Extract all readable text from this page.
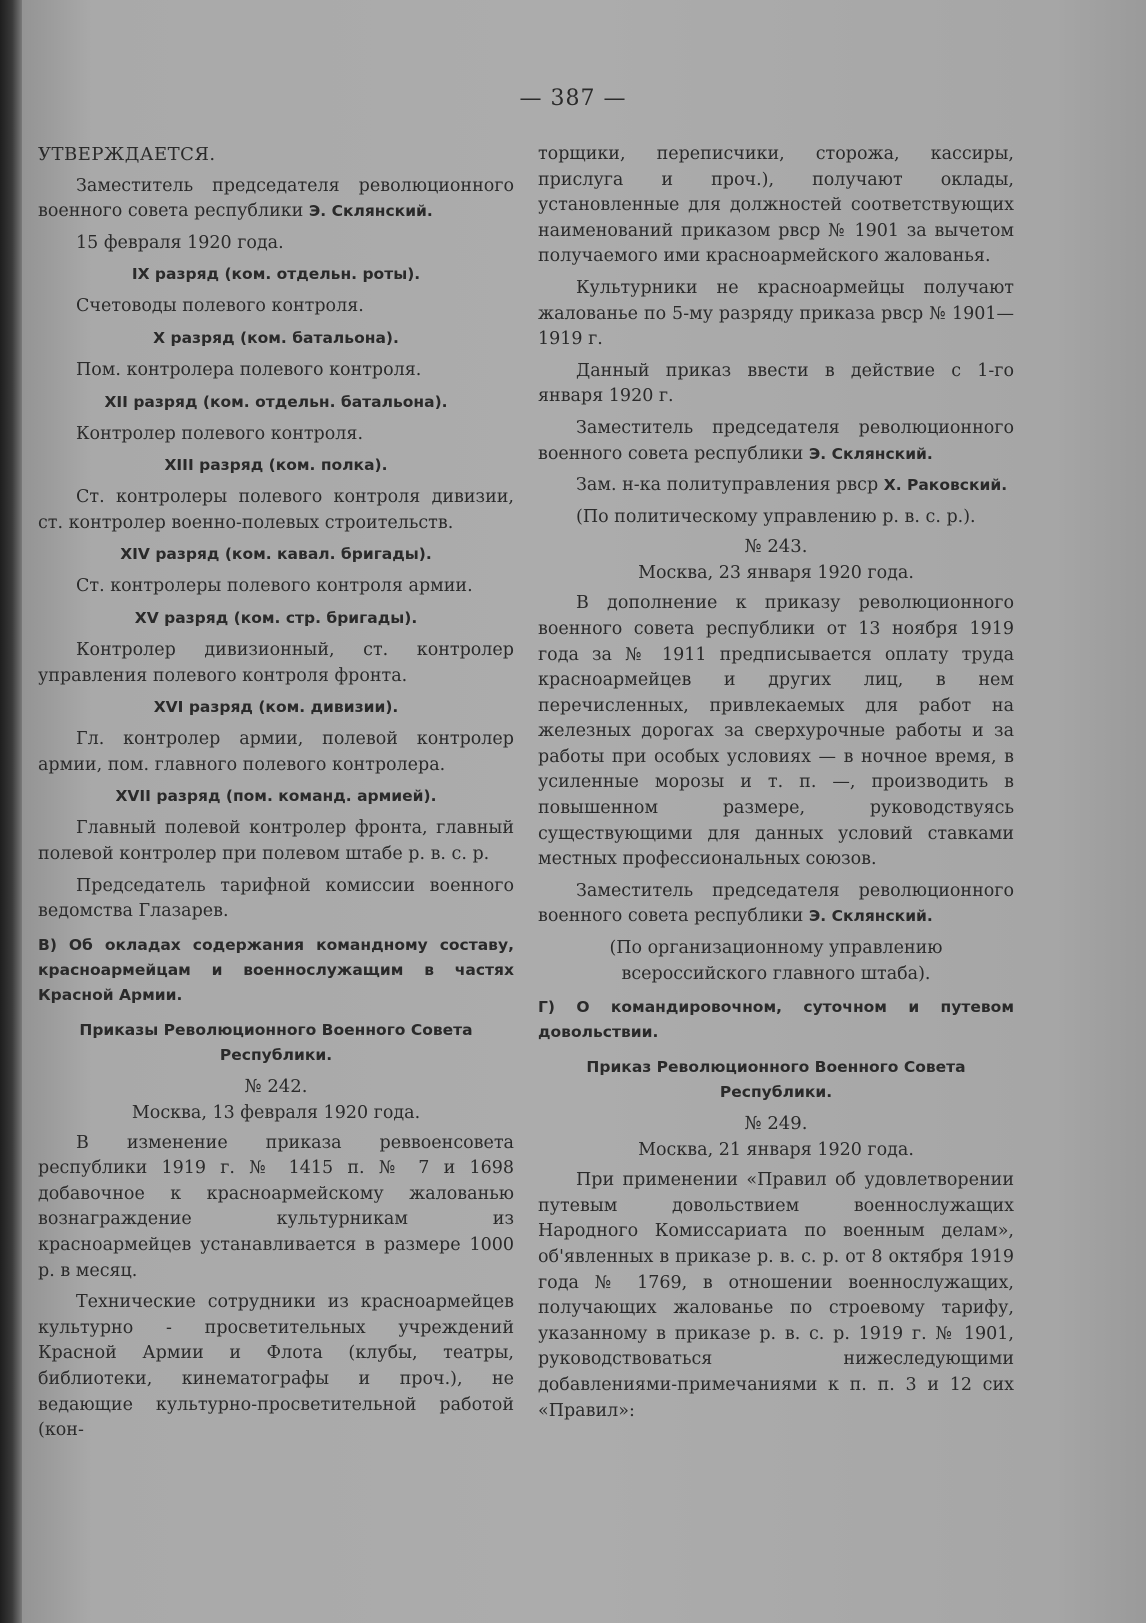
— 387 —
УТВЕРЖДАЕТСЯ.
Заместитель председателя революционного военного совета республики Э. Склянский.
15 февраля 1920 года.
IX разряд (ком. отдельн. роты).
Счетоводы полевого контроля.
X разряд (ком. батальона).
Пом. контролера полевого контроля.
XII разряд (ком. отдельн. батальона).
Контролер полевого контроля.
XIII разряд (ком. полка).
Ст. контролеры полевого контроля дивизии, ст. контролер военно-полевых строительств.
XIV разряд (ком. кавал. бригады).
Ст. контролеры полевого контроля армии.
XV разряд (ком. стр. бригады).
Контролер дивизионный, ст. контролер управления полевого контроля фронта.
XVI разряд (ком. дивизии).
Гл. контролер армии, полевой контролер армии, пом. главного полевого контролера.
XVII разряд (пом. команд. армией).
Главный полевой контролер фронта, главный полевой контролер при полевом штабе р. в. с. р.
Председатель тарифной комиссии военного ведомства Глазарев.
В) Об окладах содержания командному составу, красноармейцам и военнослужащим в частях Красной Армии.
Приказы Революционного Военного Совета Республики.
№ 242.
Москва, 13 февраля 1920 года.
В изменение приказа реввоенсовета республики 1919 г. № 1415 п. № 7 и 1698 добавочное к красноармейскому жалованью вознаграждение культурникам из красноармейцев устанавливается в размере 1000 р. в месяц.
Технические сотрудники из красноармейцев культурно - просветительных учреждений Красной Армии и Флота (клубы, театры, библиотеки, кинематографы и проч.), не ведающие культурно-просветительной работой (кон-
торщики, переписчики, сторожа, кассиры, прислуга и проч.), получают оклады, установленные для должностей соответствующих наименований приказом рвср № 1901 за вычетом получаемого ими красноармейского жалованья.
Культурники не красноармейцы получают жалованье по 5-му разряду приказа рвср № 1901—1919 г.
Данный приказ ввести в действие с 1-го января 1920 г.
Заместитель председателя революционного военного совета республики Э. Склянский.
Зам. н-ка политуправления рвср Х. Раковский.
(По политическому управлению р. в. с. р.).
№ 243.
Москва, 23 января 1920 года.
В дополнение к приказу революционного военного совета республики от 13 ноября 1919 года за № 1911 предписывается оплату труда красноармейцев и других лиц, в нем перечисленных, привлекаемых для работ на железных дорогах за сверхурочные работы и за работы при особых условиях — в ночное время, в усиленные морозы и т. п. —, производить в повышенном размере, руководствуясь существующими для данных условий ставками местных профессиональных союзов.
Заместитель председателя революционного военного совета республики Э. Склянский.
(По организационному управлению всероссийского главного штаба).
Г) О командировочном, суточном и путевом довольствии.
Приказ Революционного Военного Совета Республики.
№ 249.
Москва, 21 января 1920 года.
При применении «Правил об удовлетворении путевым довольствием военнослужащих Народного Комиссариата по военным делам», об'явленных в приказе р. в. с. р. от 8 октября 1919 года № 1769, в отношении военнослужащих, получающих жалованье по строевому тарифу, указанному в приказе р. в. с. р. 1919 г. № 1901, руководствоваться нижеследующими добавлениями-примечаниями к п. п. 3 и 12 сих «Правил»:
